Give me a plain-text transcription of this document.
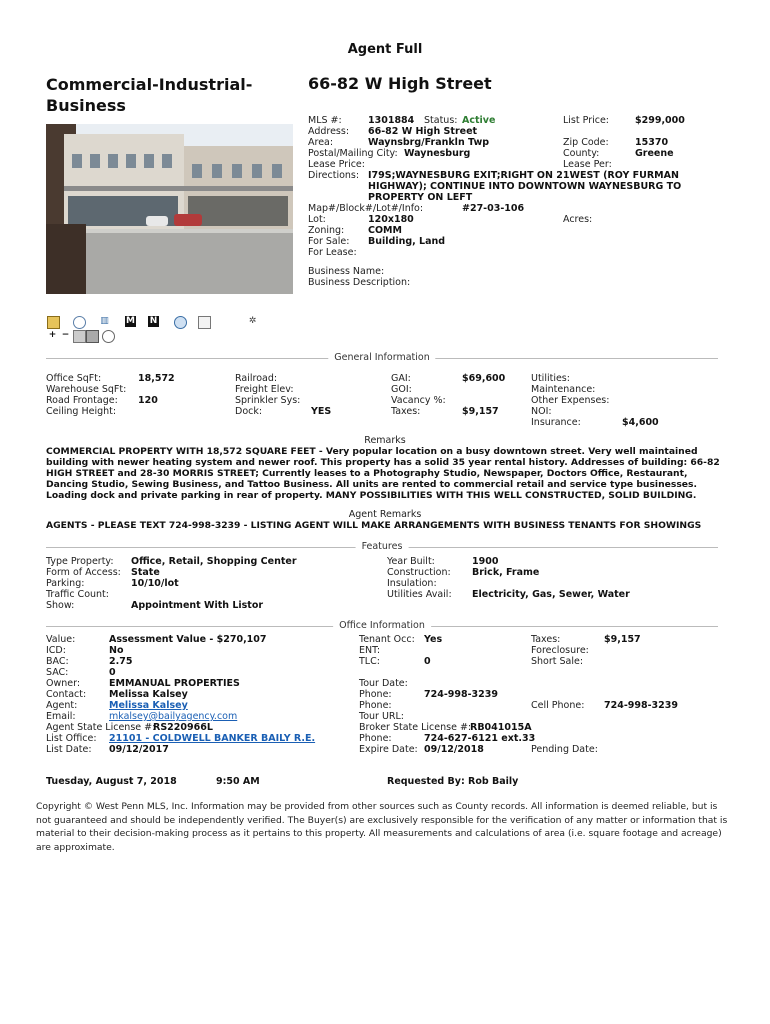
Agent Full
Commercial-Industrial-Business
66-82 W High Street
MLS #:	1301884 Status: Active	List Price:	$299,000
Address: 66-82 W High Street
Area:	Waynsbrg/Frankln Twp	Zip Code:	15370
Postal/Mailing City: Waynesburg	County:	Greene
Lease Price:	Lease Per:
Directions: I79S;WAYNESBURG EXIT;RIGHT ON 21WEST (ROY FURMAN
HIGHWAY); CONTINUE INTO DOWNTOWN WAYNESBURG TO
PROPERTY ON LEFT
Map#/Block#/Lot#/Info:	#27-03-106
Lot:	120x180	Acres:
Zoning:	COMM
For Sale: Building, Land
For Lease:
Business Name:
Business Description:
▥ M N	✲
+ −
General Information
Office SqFt:	18,572
Warehouse SqFt:
Road Frontage: 120
Ceiling Height:
Railroad:
Freight Elev:
Sprinkler Sys:
Dock:	YES
GAI:	$69,600
GOI:
Vacancy %:
Taxes:	$9,157
Utilities:
Maintenance:
Other Expenses:
NOI:
Insurance:	$4,600
Remarks
COMMERCIAL PROPERTY WITH 18,572 SQUARE FEET - Very popular location on a busy downtown street. Very well maintained
building with newer heating system and newer roof. This property has a solid 35 year rental history. Addresses of building: 66-82
HIGH STREET and 28-30 MORRIS STREET; Currently leases to a Photography Studio, Newspaper, Doctors Office, Restaurant,
Dancing Studio, Sewing Business, and Tattoo Business. All units are rented to commercial retail and service type businesses.
Loading dock and private parking in rear of property. MANY POSSIBILITIES WITH THIS WELL CONSTRUCTED, SOLID BUILDING.
Agent Remarks
AGENTS - PLEASE TEXT 724-998-3239 - LISTING AGENT WILL MAKE ARRANGEMENTS WITH BUSINESS TENANTS FOR SHOWINGS
Features
Type Property: Office, Retail, Shopping Center
Form of Access: State
Parking:	10/10/lot
Traffic Count:
Show:	Appointment With Listor
Year Built:	1900
Construction: Brick, Frame
Insulation:
Utilities Avail: Electricity, Gas, Sewer, Water
Office Information
Value:	Assessment Value - $270,107
ICD:	No
BAC:	2.75
SAC:	0
Owner:	EMMANUAL PROPERTIES
Contact: Melissa Kalsey
Agent:	Melissa Kalsey
Email:	mkalsey@bailyagency.com
Agent State License #:
RS220966L
List Office: 21101 - COLDWELL BANKER BAILY R.E.
List Date: 09/12/2017
Tenant Occ: Yes
ENT:
TLC:	0
Tour Date:
Phone:	724-998-3239
Phone:
Tour URL:
Broker State License #:
RB041015A
Phone:	724-627-6121 ext.33
Expire Date: 09/12/2018
Taxes:	$9,157
Foreclosure:
Short Sale:
Cell Phone: 724-998-3239
Pending Date:
Tuesday, August 7, 2018	9:50 AM	Requested By: Rob Baily
Copyright © West Penn MLS, Inc. Information may be provided from other sources such as County records. All information is deemed reliable, but is
not guaranteed and should be independently verified. The Buyer(s) are exclusively responsible for the verification of any matter or information that is
material to their decision-making process as it pertains to this property. All measurements and calculations of area (i.e. square footage and acreage)
are approximate.
